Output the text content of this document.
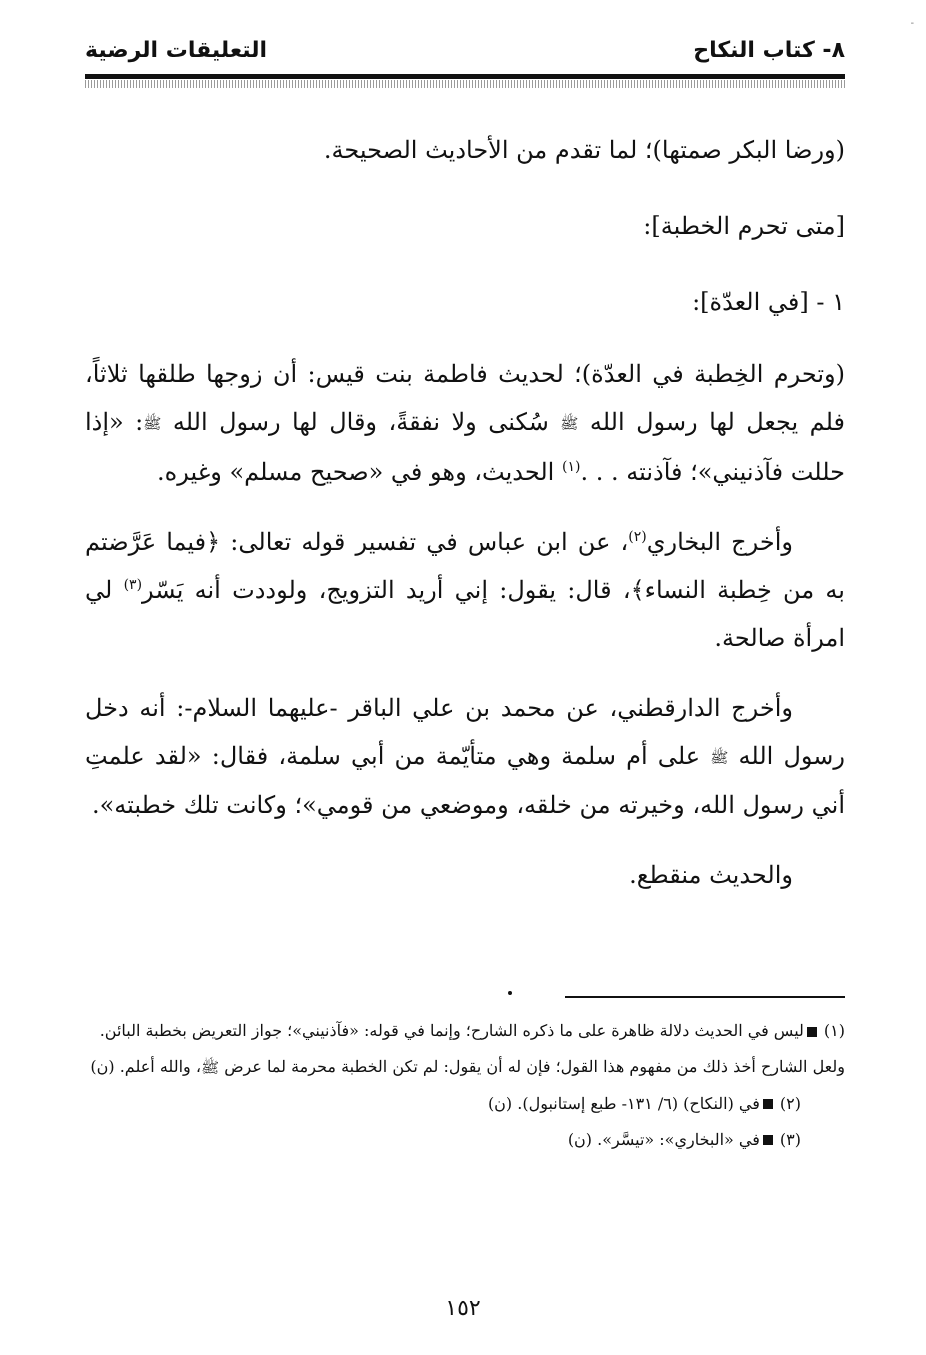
-
٨- كتاب النكاح
التعليقات الرضية

(ورضا البكر صمتها)؛ لما تقدم من الأحاديث الصحيحة.

[متى تحرم الخطبة]:

١ - [في العدّة]:

(وتحرم الخِطبة في العدّة)؛ لحديث فاطمة بنت قيس: أن زوجها طلقها ثلاثاً، فلم يجعل لها رسول الله ﷺ سُكنى ولا نفقةً، وقال لها رسول الله ﷺ: «إذا حللت فآذنيني»؛ فآذنته . . .$^{(١)}$ الحديث، وهو في «صحيح مسلم» وغيره.

وأخرج البخاري$^{(٢)}$، عن ابن عباس في تفسير قوله تعالى: ﴿فيما عَرَّضتم به من خِطبة النساء﴾، قال: يقول: إني أريد التزويج، ولوددت أنه يَسّر$^{(٣)}$ لي امرأة صالحة.

وأخرج الدارقطني، عن محمد بن علي الباقر -عليهما السلام-: أنه دخل رسول الله ﷺ على أم سلمة وهي متأيّمة من أبي سلمة، فقال: «لقد علمتِ أني رسول الله، وخيرته من خلقه، وموضعي من قومي»؛ وكانت تلك خطبته».

والحديث منقطع.

(١)ليس في الحديث دلالة ظاهرة على ما ذكره الشارح؛ وإنما في قوله: «فآذنيني»؛ جواز التعريض بخطبة البائن.

ولعل الشارح أخذ ذلك من مفهوم هذا القول؛ فإن له أن يقول: لم تكن الخطبة محرمة لما عرض ﷺ، والله أعلم. (ن)

(٢)في (النكاح) (٦/ ١٣١- طبع إستانبول). (ن)

(٣)في «البخاري»: «تيسَّر». (ن)

١٥٢
